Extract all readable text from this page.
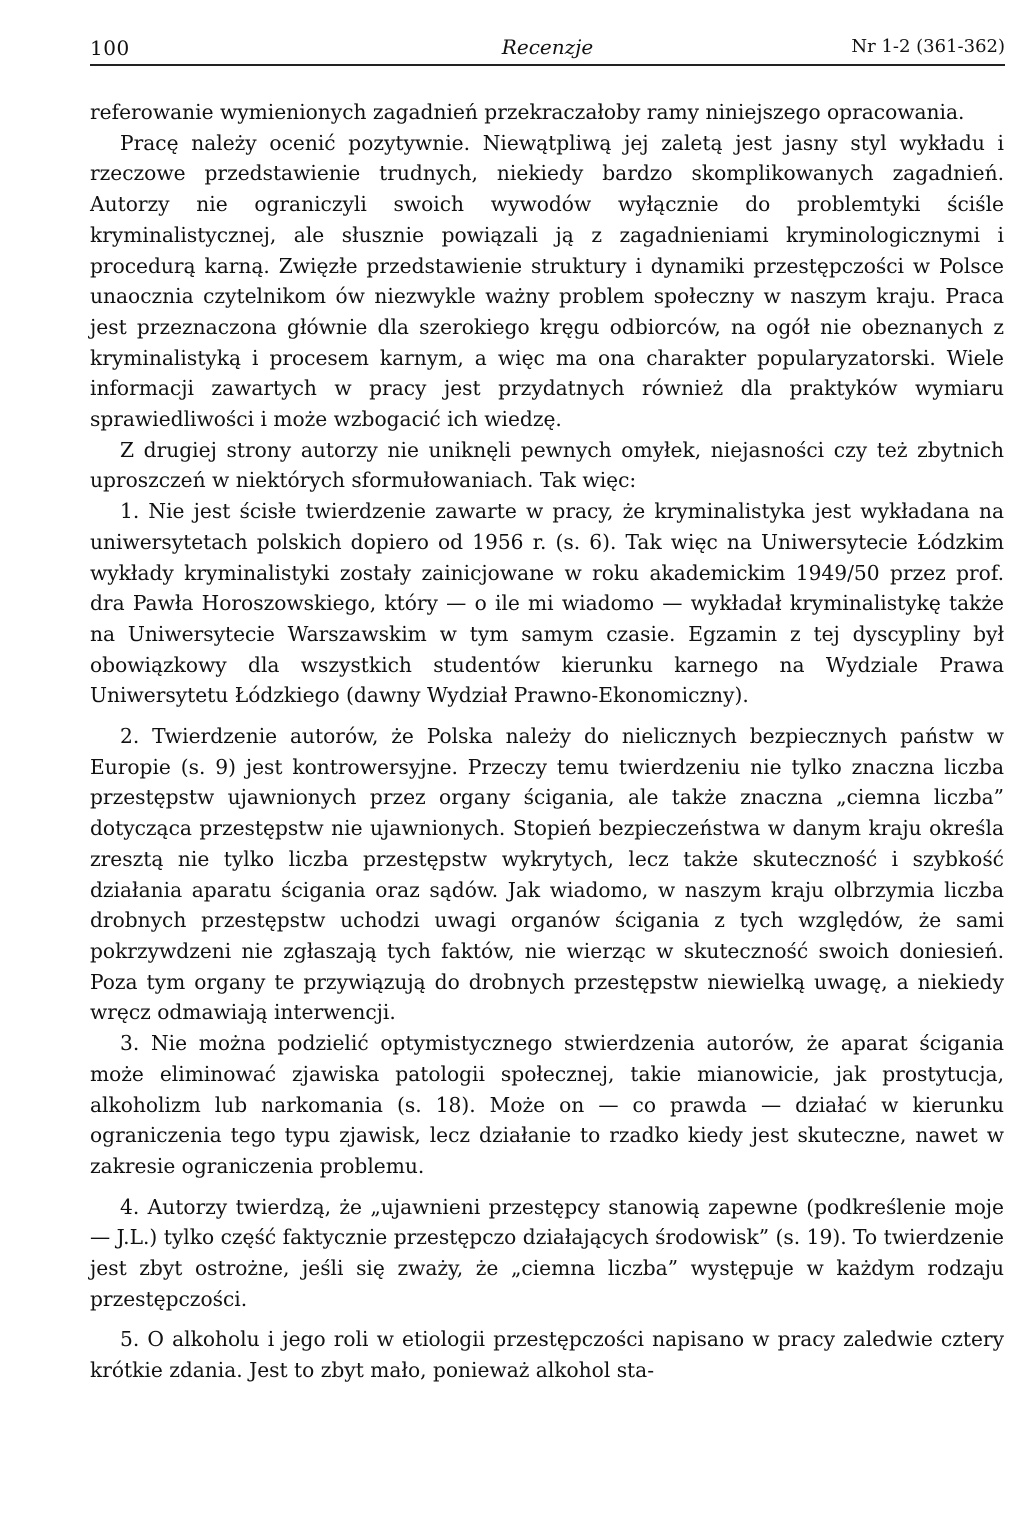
100	Recenzje	Nr 1-2 (361-362)

referowanie wymienionych zagadnień przekraczałoby ramy niniejszego opracowania.

Pracę należy ocenić pozytywnie. Niewątpliwą jej zaletą jest jasny styl wykładu i rzeczowe przedstawienie trudnych, niekiedy bardzo skomplikowanych zagadnień. Autorzy nie ograniczyli swoich wywodów wyłącznie do problemtyki ściśle kryminalistycznej, ale słusznie powiązali ją z zagadnieniami kryminologicznymi i procedurą karną. Zwięzłe przedstawienie struktury i dynamiki przestępczości w Polsce unaocznia czytelnikom ów niezwykle ważny problem społeczny w naszym kraju. Praca jest przeznaczona głównie dla szerokiego kręgu odbiorców, na ogół nie obeznanych z kryminalistyką i procesem karnym, a więc ma ona charakter popularyzatorski. Wiele informacji zawartych w pracy jest przydatnych również dla praktyków wymiaru sprawiedliwości i może wzbogacić ich wiedzę.

Z drugiej strony autorzy nie uniknęli pewnych omyłek, niejasności czy też zbytnich uproszczeń w niektórych sformułowaniach. Tak więc:

1. Nie jest ścisłe twierdzenie zawarte w pracy, że kryminalistyka jest wykładana na uniwersytetach polskich dopiero od 1956 r. (s. 6). Tak więc na Uniwersytecie Łódzkim wykłady kryminalistyki zostały zainicjowane w roku akademickim 1949/50 przez prof. dra Pawła Horoszowskiego, który — o ile mi wiadomo — wykładał kryminalistykę także na Uniwersytecie Warszawskim w tym samym czasie. Egzamin z tej dyscypliny był obowiązkowy dla wszystkich studentów kierunku karnego na Wydziale Prawa Uniwersytetu Łódzkiego (dawny Wydział Prawno-Ekonomiczny).

2. Twierdzenie autorów, że Polska należy do nielicznych bezpiecznych państw w Europie (s. 9) jest kontrowersyjne. Przeczy temu twierdzeniu nie tylko znaczna liczba przestępstw ujawnionych przez organy ścigania, ale także znaczna „ciemna liczba” dotycząca przestępstw nie ujawnionych. Stopień bezpieczeństwa w danym kraju określa zresztą nie tylko liczba przestępstw wykrytych, lecz także skuteczność i szybkość działania aparatu ścigania oraz sądów. Jak wiadomo, w naszym kraju olbrzymia liczba drobnych przestępstw uchodzi uwagi organów ścigania z tych względów, że sami pokrzywdzeni nie zgłaszają tych faktów, nie wierząc w skuteczność swoich doniesień. Poza tym organy te przywiązują do drobnych przestępstw niewielką uwagę, a niekiedy wręcz odmawiają interwencji.

3. Nie można podzielić optymistycznego stwierdzenia autorów, że aparat ścigania może eliminować zjawiska patologii społecznej, takie mianowicie, jak prostytucja, alkoholizm lub narkomania (s. 18). Może on — co prawda — działać w kierunku ograniczenia tego typu zjawisk, lecz działanie to rzadko kiedy jest skuteczne, nawet w zakresie ograniczenia problemu.

4. Autorzy twierdzą, że „ujawnieni przestępcy stanowią zapewne (podkreślenie moje — J.L.) tylko część faktycznie przestępczo działających środowisk” (s. 19). To twierdzenie jest zbyt ostrożne, jeśli się zważy, że „ciemna liczba” występuje w każdym rodzaju przestępczości.

5. O alkoholu i jego roli w etiologii przestępczości napisano w pracy zaledwie cztery krótkie zdania. Jest to zbyt mało, ponieważ alkohol sta-
